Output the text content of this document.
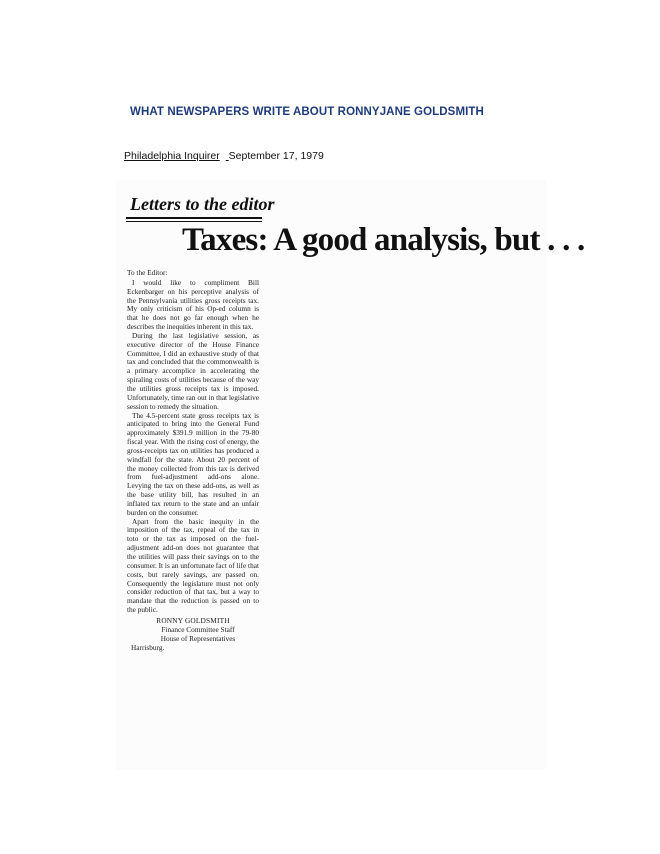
WHAT NEWSPAPERS WRITE ABOUT RONNYJANE GOLDSMITH
Philadelphia Inquirer September 17, 1979
Letters to the editor
Taxes: A good analysis, but . . .

To the Editor:

I would like to compliment Bill Eckenbarger on his perceptive analysis of the Pennsylvania utilities gross receipts tax. My only criticism of his Op-ed column is that he does not go far enough when he describes the inequities inherent in this tax.

During the last legislative session, as executive director of the House Finance Committee, I did an exhaustive study of that tax and concluded that the commonwealth is a primary accomplice in accelerating the spiraling costs of utilities because of the way the utilities gross receipts tax is imposed. Unfortunately, time ran out in that legislative session to remedy the situation.

The 4.5-percent state gross receipts tax is anticipated to bring into the General Fund approximately $391.9 million in the 79-80 fiscal year. With the rising cost of energy, the gross-receipts tax on utilities has produced a windfall for the state. About 20 percent of the money collected from this tax is derived from fuel-adjustment add-ons alone. Levying the tax on these add-ons, as well as the base utility bill, has resulted in an inflated tax return to the state and an unfair burden on the consumer.

Apart from the basic inequity in the imposition of the tax, repeal of the tax in toto or the tax as imposed on the fuel-adjustment add-on does not guarantee that the utilities will pass their savings on to the consumer. It is an unfortunate fact of life that costs, but rarely savings, are passed on. Consequently the legislature must not only consider reduction of that tax, but a way to mandate that the reduction is passed on to the public.

RONNY GOLDSMITH
Finance Committee Staff
House of Representatives
Harrisburg.
